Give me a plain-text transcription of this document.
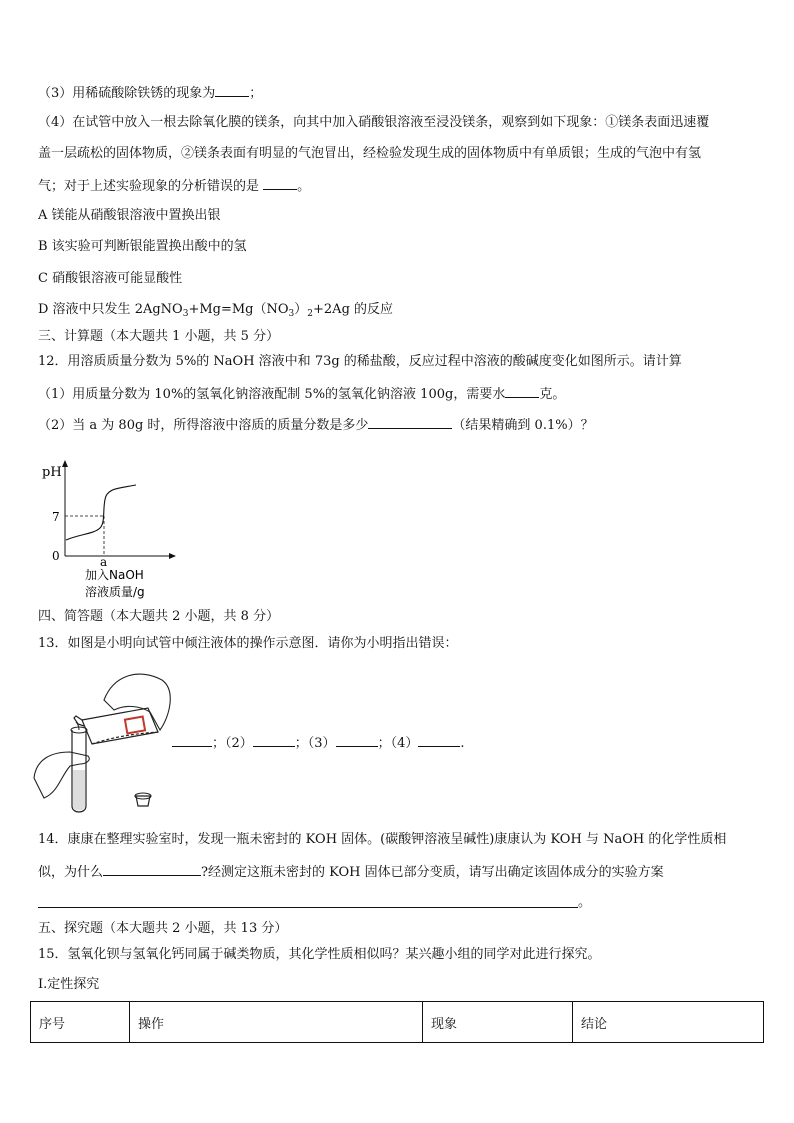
（3）用稀硫酸除铁锈的现象为	；
（4）在试管中放入一根去除氧化膜的镁条，向其中加入硝酸银溶液至浸没镁条，观察到如下现象：①镁条表面迅速覆
盖一层疏松的固体物质，②镁条表面有明显的气泡冒出，经检验发现生成的固体物质中有单质银；生成的气泡中有氢
气；对于上述实验现象的分析错误的是	。
A 镁能从硝酸银溶液中置换出银
B 该实验可判断银能置换出酸中的氢
C 硝酸银溶液可能显酸性
D 溶液中只发生 $2AgNO_3+Mg=Mg(NO_3)_2+2Ag$ 的反应
三、计算题（本大题共 1 小题，共 5 分）
12．用溶质质量分数为 5%的 NaOH 溶液中和 73g 的稀盐酸，反应过程中溶液的酸碱度变化如图所示。请计算
（1）用质量分数为 10%的氢氧化钠溶液配制 5%的氢氧化钠溶液 100g，需要水	克。
（2）当 a 为 80g 时，所得溶液中溶质的质量分数是多少	（结果精确到 0.1%）？
pH
7
0	a
加入NaOH
溶液质量/g
四、简答题（本大题共 2 小题，共 8 分）
13．如图是小明向试管中倾注液体的操作示意图．请你为小明指出错误：
；（2）	；（3）	；（4）	.
14．康康在整理实验室时，发现一瓶未密封的 KOH 固体。(碳酸钾溶液呈碱性)康康认为 KOH 与 NaOH 的化学性质相
似，为什么	?经测定这瓶未密封的 KOH 固体已部分变质，请写出确定该固体成分的实验方案
。
五、探究题（本大题共 2 小题，共 13 分）
15．氢氧化钡与氢氧化钙同属于碱类物质，其化学性质相似吗？某兴趣小组的同学对此进行探究。
Ⅰ.定性探究
序号	操作	现象	结论
